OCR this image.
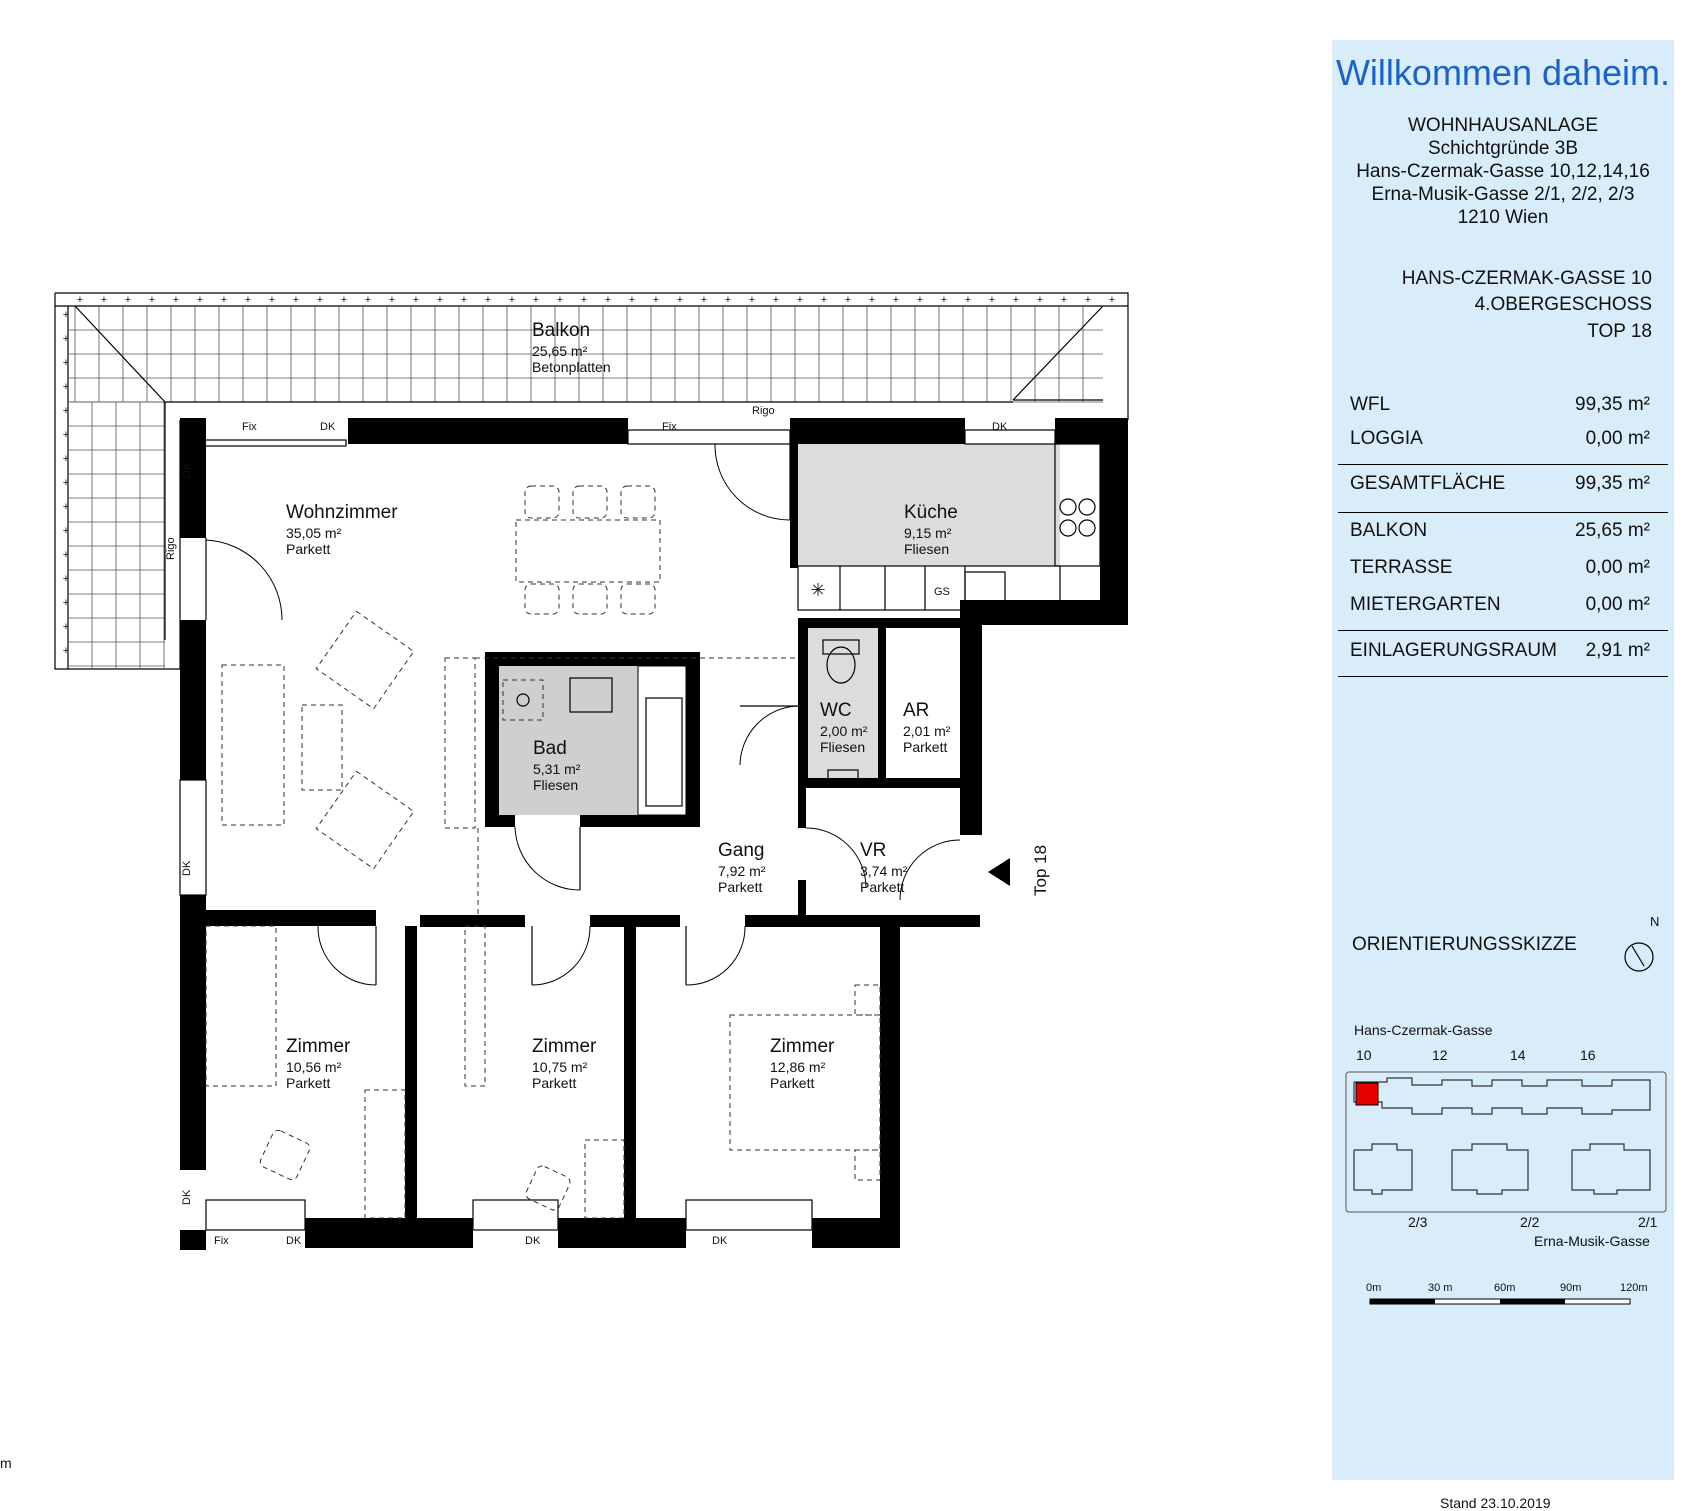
+ + + + + + + + + + + + + + + + + + + + + + + + + + + + + + + + + + + + + + + + + + + +
+
+
+
+
+
+
+
+
+
+
+
+
+
+
+
✳
Balkon
25,65 m²
Betonplatten
Wohnzimmer
35,05 m²
Parkett
Küche
9,15 m²
Fliesen
Bad
5,31 m²
Fliesen
WC
2,00 m²
Fliesen
AR
2,01 m²
Parkett
Gang
7,92 m²
Parkett
VR
3,74 m²
Parkett
Zimmer
10,56 m²
Parkett
Zimmer
10,75 m²
Parkett
Zimmer
12,86 m²
Parkett
Fix	DK	Fix
Rigo
DK
DK
Rigo
DK
DK
Fix	DK	DK	DK
GS
Top 18
Willkommen daheim.
WOHNHAUSANLAGE
Schichtgründe 3B
Hans-Czermak-Gasse 10,12,14,16
Erna-Musik-Gasse 2/1, 2/2, 2/3
1210 Wien
HANS-CZERMAK-GASSE 10
4.OBERGESCHOSS
TOP 18
WFL	99,35 m²
LOGGIA	0,00 m²
GESAMTFLÄCHE	99,35 m²
BALKON	25,65 m²
TERRASSE	0,00 m²
MIETERGARTEN	0,00 m²
EINLAGERUNGSRAUM 2,91 m²
ORIENTIERUNGSSKIZZE
N
Hans-Czermak-Gasse
10	12	14	16
2/3	2/2	2/1
Erna-Musik-Gasse
0m	30 m	60m	90m	120m
Stand 23.10.2019
m
